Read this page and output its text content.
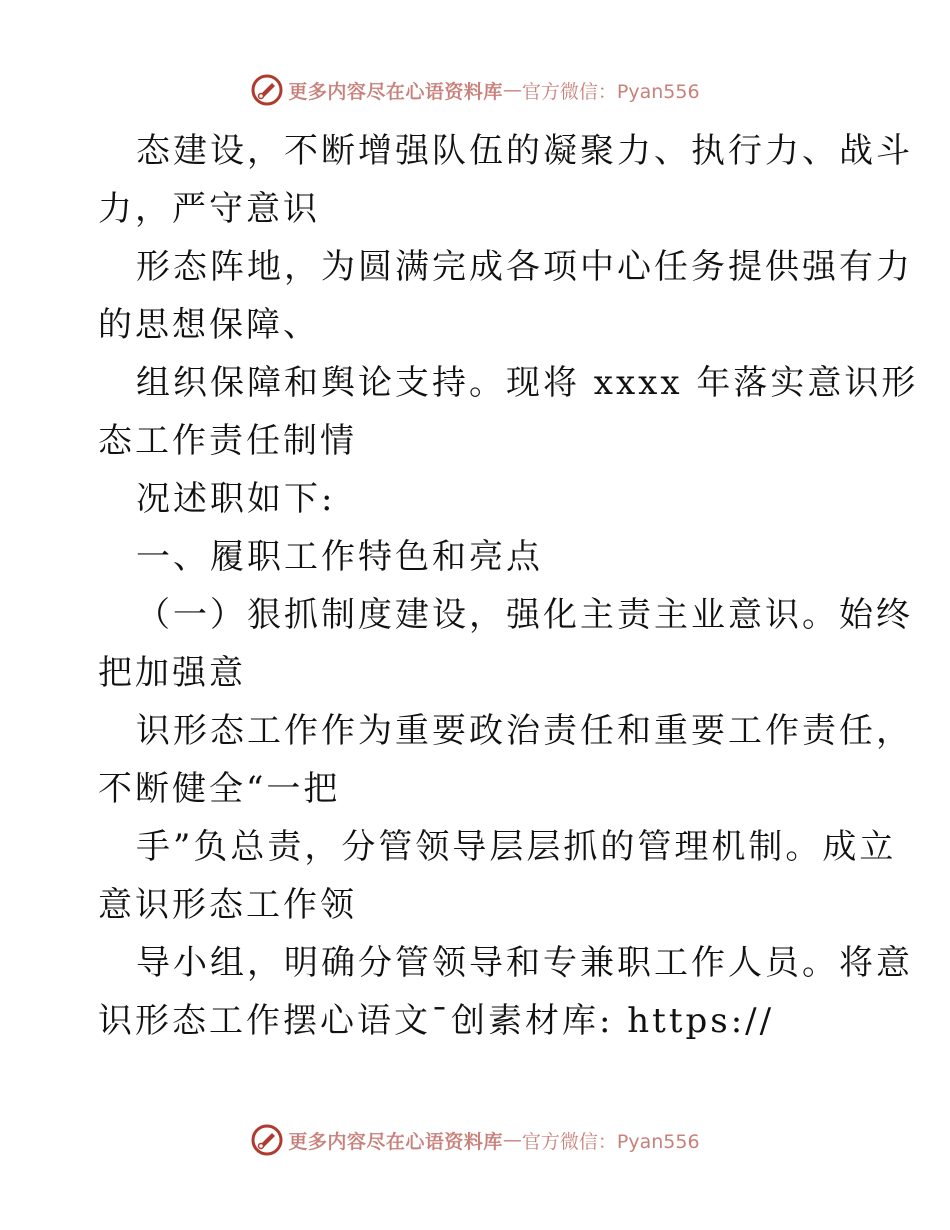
更多内容尽在心语资料库 — 官方微信：Pyan556
态建设，不断增强队伍的凝聚力、执行力、战斗
力，严守意识
形态阵地，为圆满完成各项中心任务提供强有力
的思想保障、
组织保障和舆论支持。现将 xxxx 年落实意识形
态工作责任制情
况述职如下:
一、履职工作特色和亮点
（一）狠抓制度建设，强化主责主业意识。始终
把加强意
识形态工作作为重要政治责任和重要工作责任，
不断健全“一把
手”负总责，分管领导层层抓的管理机制。成立
意识形态工作领
导小组，明确分管领导和专兼职工作人员。将意
识形态工作摆心语文¯创素材库: https://
更多内容尽在心语资料库 — 官方微信：Pyan556
